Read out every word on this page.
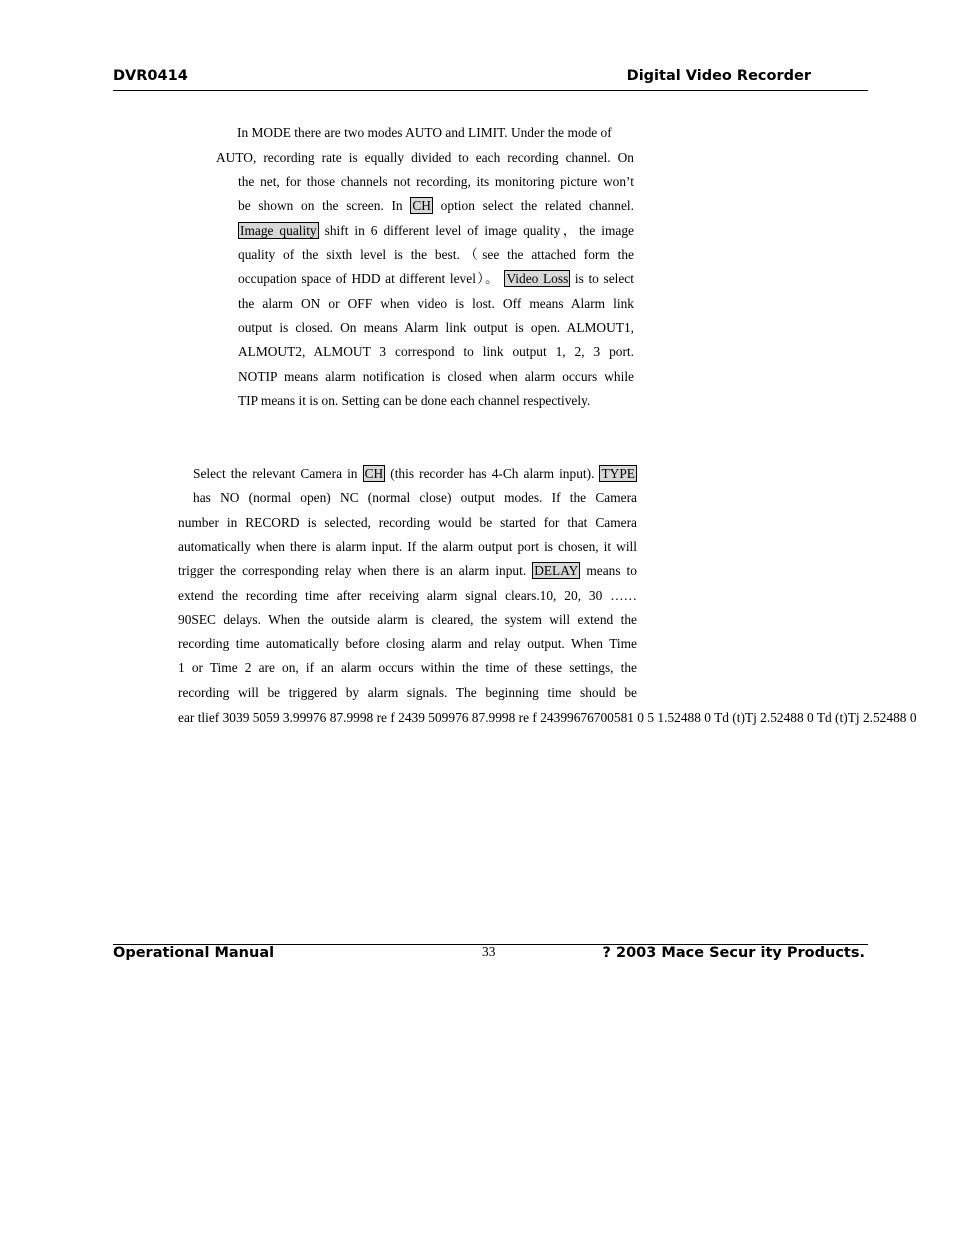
DVR0414	Digital Video Recorder
In MODE there are two modes AUTO and LIMIT. Under the mode of
AUTO, recording rate is equally divided to each recording channel. On
the net, for those channels not recording, its monitoring picture won’t
be shown on the screen. In CH option select the related channel.
Image quality shift in 6 different level of image quality，the image
quality of the sixth level is the best.（see the attached form the
occupation space of HDD at different level）。 Video Loss is to select
the alarm ON or OFF when video is lost. Off means Alarm link
output is closed. On means Alarm link output is open. ALMOUT1,
ALMOUT2, ALMOUT 3 correspond to link output 1, 2, 3 port.
NOTIP means alarm notification is closed when alarm occurs while
TIP means it is on. Setting can be done each channel respectively.
Select the relevant Camera in CH (this recorder has 4-Ch alarm input). TYPE
has NO (normal open) NC (normal close) output modes. If the Camera
number in RECORD is selected, recording would be started for that Camera
automatically when there is alarm input. If the alarm output port is chosen, it will
trigger the corresponding relay when there is an alarm input. DELAY means to
extend the recording time after receiving alarm signal clears.10, 20, 30 ……
90SEC delays. When the outside alarm is cleared, the system will extend the
recording time automatically before closing alarm and relay output. When Time
1 or Time 2 are on, if an alarm occurs within the time of these settings, the
recording will be triggered by alarm signals. The beginning time should be
ear tlief 3039 5059 3.99976 87.9998 re f 2439 509976 87.9998 re f 24399676700581 0 5 1.52488 0 Td (t)Tj 2.52488 0 Td (t)Tj 2.52488 0
Operational Manual	33	? 2003 Mace Secur ity Products.
